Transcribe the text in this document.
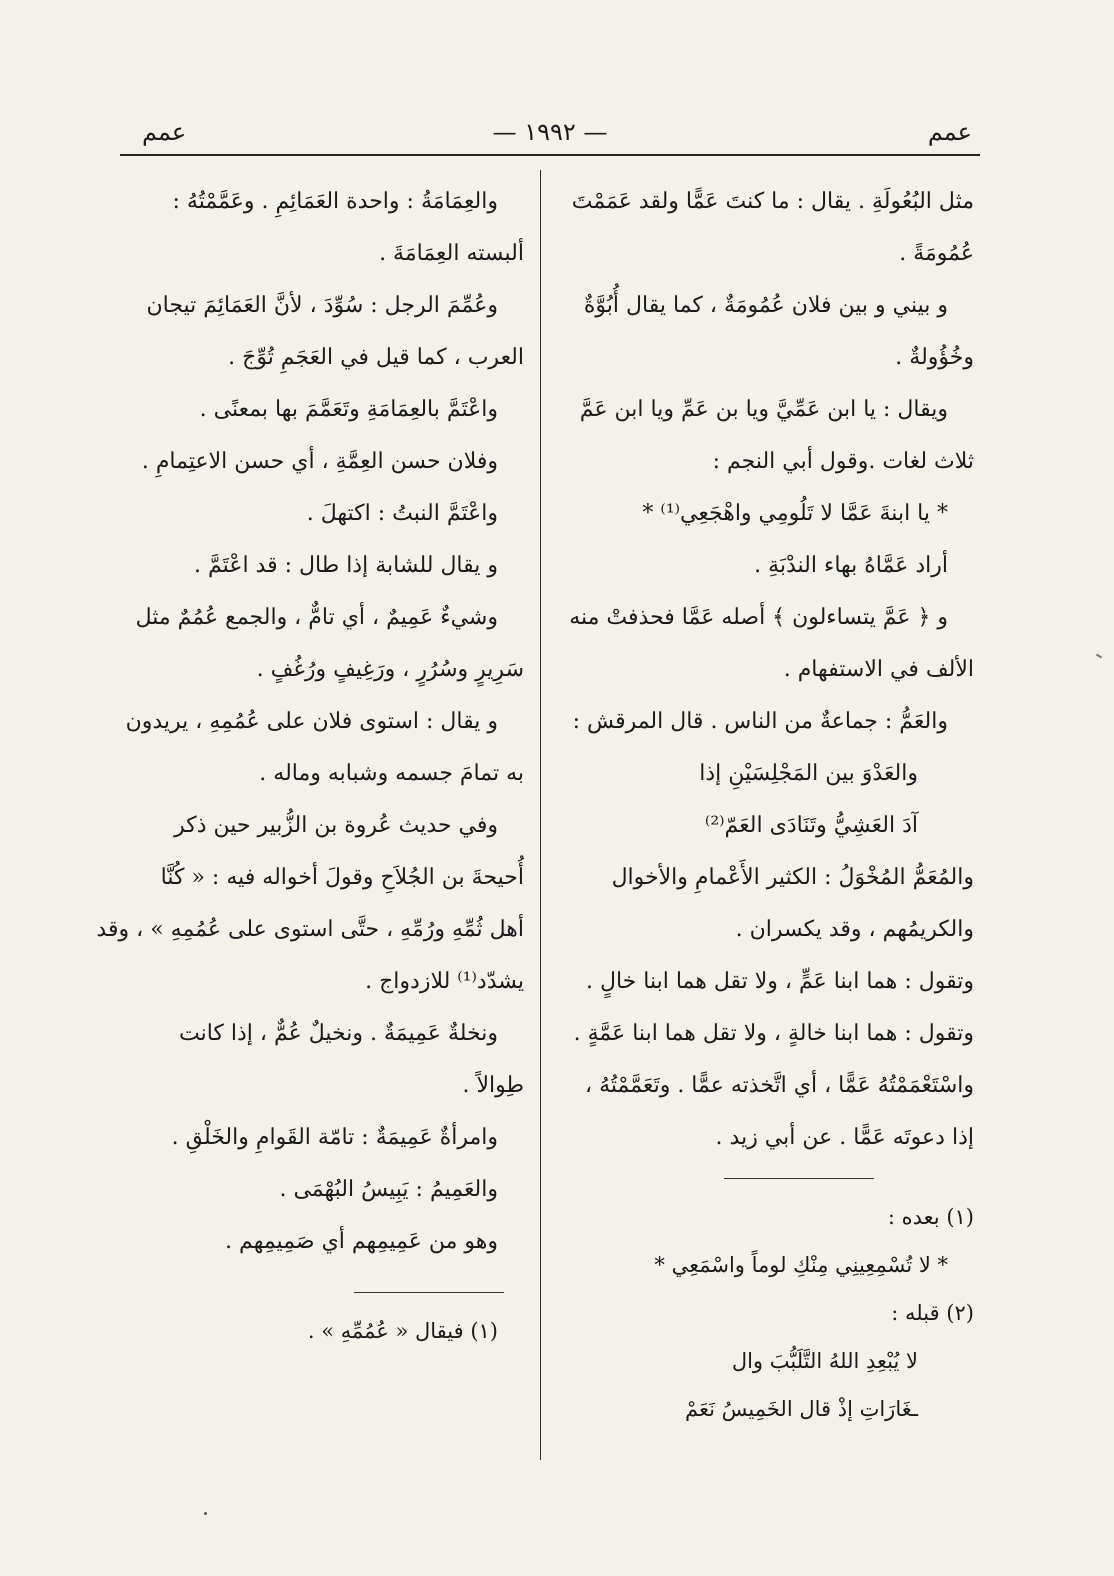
عمم
— ١٩٩٢ —
عمم
مثل البُعُولَةِ . يقال : ما كنتَ عَمًّا ولقد عَمَمْتَ
عُمُومَةً .
و بيني و بين فلان عُمُومَةٌ ، كما يقال أُبُوَّةٌ
وخُؤُولةٌ .
ويقال : يا ابن عَمِّيَّ ويا بن عَمِّ ويا ابن عَمَّ
ثلاث لغات .وقول أبي النجم :
* يا ابنةَ عَمَّا لا تَلُومِي واهْجَعِي⁽¹⁾ *
أراد عَمَّاهُ بهاء الندْبَةِ .
و ﴿ عَمَّ يتساءلون ﴾ أصله عَمَّا فحذفتْ منه
الألف في الاستفهام .
والعَمُّ : جماعةٌ من الناس . قال المرقش :
والعَدْوَ بين المَجْلِسَيْنِ إذا
آدَ العَشِيُّ وتَنَادَى العَمّ⁽²⁾
والمُعَمُّ المُخْوَلُ : الكثير الأَعْمامِ والأخوال
والكريمُهم ، وقد يكسران .
وتقول : هما ابنا عَمٍّ ، ولا تقل هما ابنا خالٍ .
وتقول : هما ابنا خالةٍ ، ولا تقل هما ابنا عَمَّةٍ .
واسْتَعْمَمْتُهُ عَمًّا ، أي اتَّخذته عمًّا . وتَعَمَّمْتُهُ ،
إذا دعوتَه عَمًّا . عن أبي زيد .
(١) بعده :
* لا تُسْمِعِينِي مِنْكِ لوماً واسْمَعِي *
(٢) قبله :
لا يُبْعِدِ اللهُ التَّلَبُّبَ وال
ـغَارَاتِ إذْ قال الخَمِيسُ نَعَمْ
والعِمَامَةُ : واحدة العَمَائِمِ . وعَمَّمْتُهُ :
ألبسته العِمَامَةَ .
وعُمِّمَ الرجل : سُوِّدَ ، لأنَّ العَمَائِمَ تيجان
العرب ، كما قيل في العَجَمِ تُوِّجَ .
واعْتَمَّ بالعِمَامَةِ وتَعَمَّمَ بها بمعنًى .
وفلان حسن العِمَّةِ ، أي حسن الاعتِمامِ .
واعْتَمَّ النبتُ : اكتهلَ .
و يقال للشابة إذا طال : قد اعْتَمَّ .
وشيءٌ عَمِيمٌ ، أي تامٌّ ، والجمع عُمُمٌ مثل
سَرِيرٍ وسُرُرٍ ، ورَغِيفٍ ورُغُفٍ .
و يقال : استوى فلان على عُمُمِهِ ، يريدون
به تمامَ جسمه وشبابه وماله .
وفي حديث عُروة بن الزُّبير حين ذكر
أُحيحةَ بن الجُلاَحِ وقولَ أخواله فيه : « كُنَّا
أهل ثُمِّهِ ورُمِّهِ ، حتَّى استوى على عُمُمِهِ » ، وقد
يشدّد⁽¹⁾ للازدواج .
ونخلةٌ عَمِيمَةٌ . ونخيلٌ عُمٌّ ، إذا كانت
طِوالاً .
وامرأةٌ عَمِيمَةٌ : تامّة القَوامِ والخَلْقِ .
والعَمِيمُ : يَبِيسُ البُهْمَى .
وهو من عَمِيمِهم أي صَمِيمِهم .
(١) فيقال « عُمُمِّهِ » .
